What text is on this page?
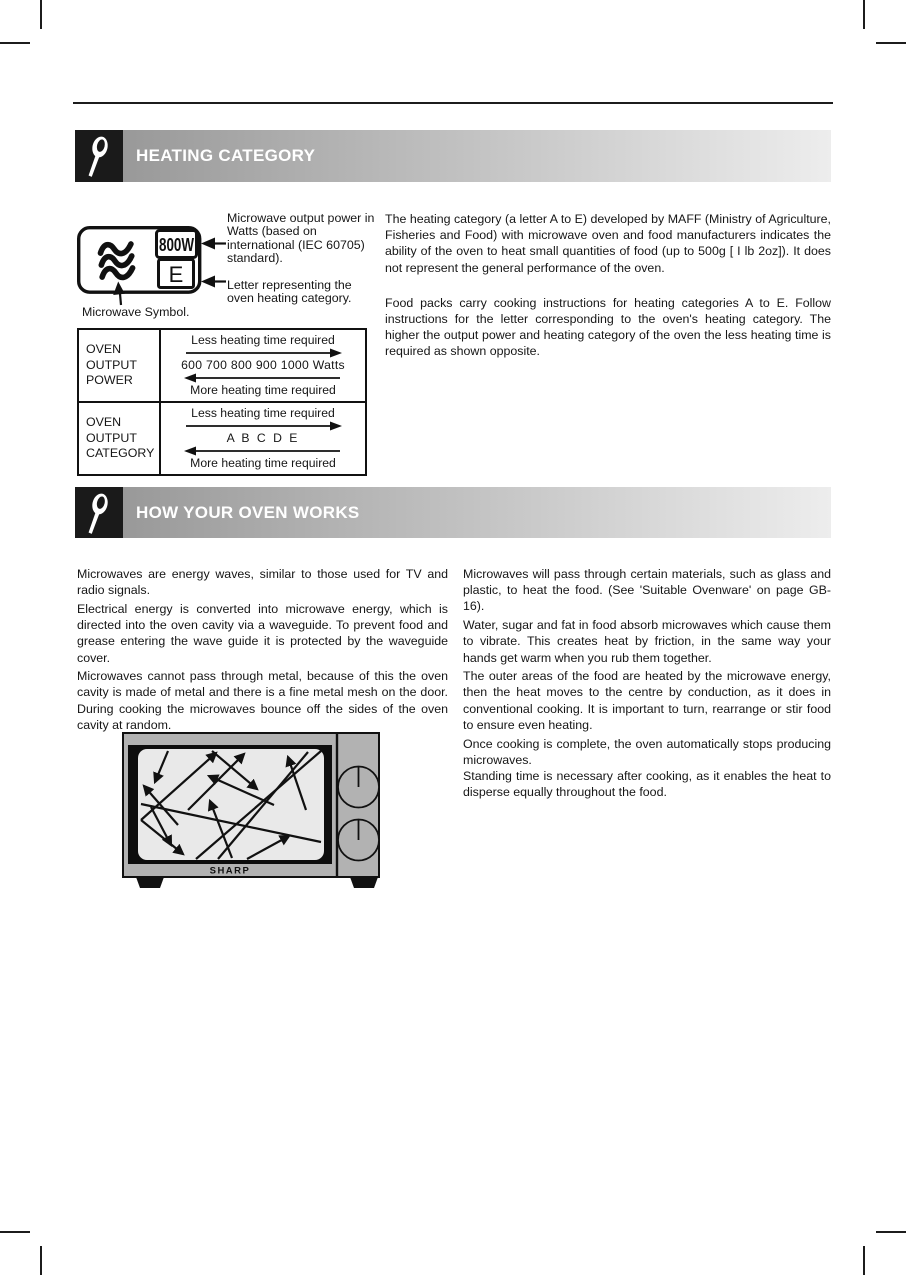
HEATING CATEGORY
800W
E
Microwave output power in Watts (based on international (IEC 60705) standard).
Letter representing the oven heating category.
Microwave Symbol.

The heating category (a letter A to E) developed by MAFF (Ministry of Agriculture, Fisheries and Food) with microwave oven and food manufacturers indicates the ability of the oven to heat small quantities of food (up to 500g [ I lb 2oz]). It does not represent the general performance of the oven.

Food packs carry cooking instructions for heating categories A to E. Follow instructions for the letter corresponding to the oven's heating category. The higher the output power and heating category of the oven the less heating time is required as shown opposite.

OVEN OUTPUT POWER
Less heating time required
600 700 800 900 1000 Watts
More heating time required
OVEN OUTPUT CATEGORY
Less heating time required
A B C D E
More heating time required
HOW YOUR OVEN WORKS

Microwaves are energy waves, similar to those used for TV and radio signals.

Electrical energy is converted into microwave energy, which is directed into the oven cavity via a waveguide. To prevent food and grease entering the wave guide it is protected by the waveguide cover.

Microwaves cannot pass through metal, because of this the oven cavity is made of metal and there is a fine metal mesh on the door. During cooking the microwaves bounce off the sides of the oven cavity at random.

Microwaves will pass through certain materials, such as glass and plastic, to heat the food. (See 'Suitable Ovenware' on page GB-16).

Water, sugar and fat in food absorb microwaves which cause them to vibrate. This creates heat by friction, in the same way your hands get warm when you rub them together.

The outer areas of the food are heated by the microwave energy, then the heat moves to the centre by conduction, as it does in conventional cooking. It is important to turn, rearrange or stir food to ensure even heating.

Once cooking is complete, the oven automatically stops producing microwaves.

Standing time is necessary after cooking, as it enables the heat to disperse equally throughout the food.

SHARP
